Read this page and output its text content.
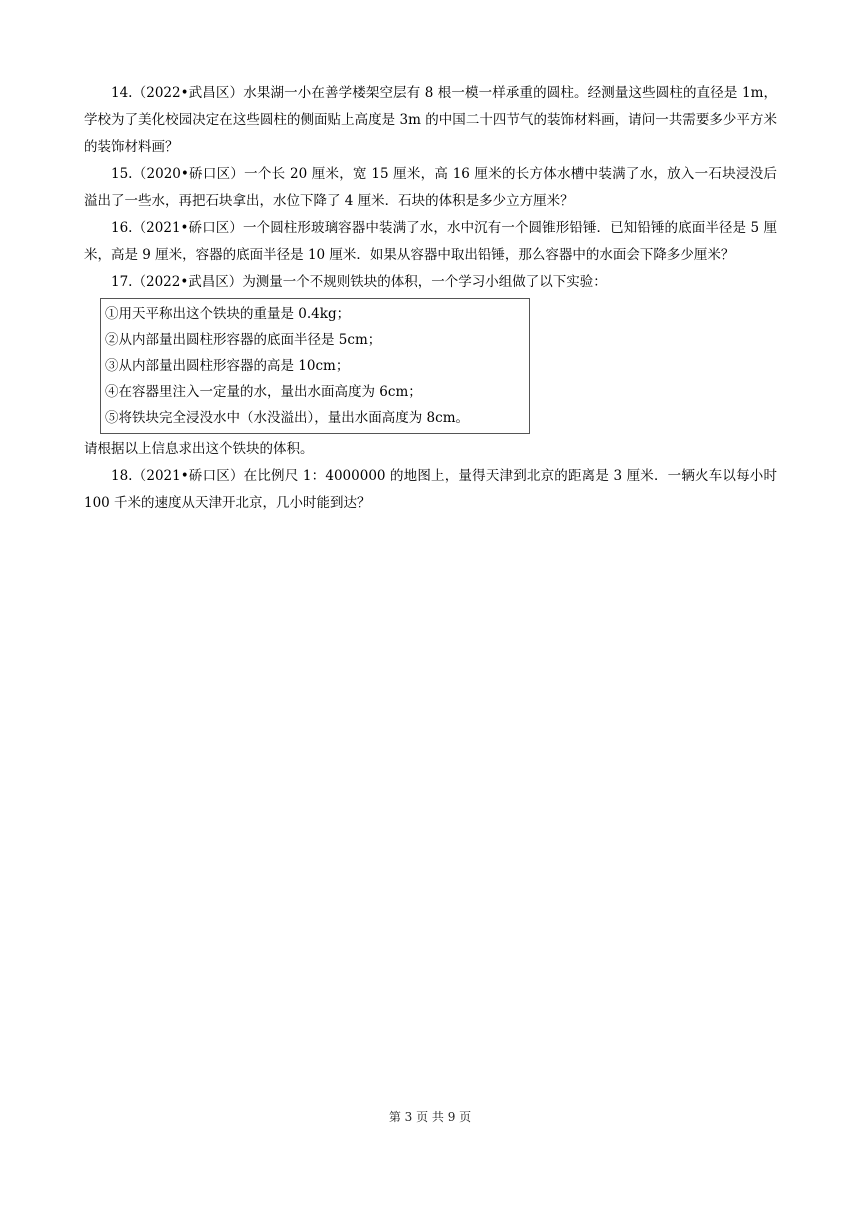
14.（2022•武昌区）水果湖一小在善学楼架空层有 8 根一模一样承重的圆柱。经测量这些圆柱的直径是 1m，学校为了美化校园决定在这些圆柱的侧面贴上高度是 3m 的中国二十四节气的装饰材料画，请问一共需要多少平方米的装饰材料画？

15.（2020•硚口区）一个长 20 厘米，宽 15 厘米，高 16 厘米的长方体水槽中装满了水，放入一石块浸没后溢出了一些水，再把石块拿出，水位下降了 4 厘米．石块的体积是多少立方厘米？

16.（2021•硚口区）一个圆柱形玻璃容器中装满了水，水中沉有一个圆锥形铅锤．已知铅锤的底面半径是 5 厘米，高是 9 厘米，容器的底面半径是 10 厘米．如果从容器中取出铅锤，那么容器中的水面会下降多少厘米？

17.（2022•武昌区）为测量一个不规则铁块的体积，一个学习小组做了以下实验：

①用天平称出这个铁块的重量是 0.4kg；

②从内部量出圆柱形容器的底面半径是 5cm；

③从内部量出圆柱形容器的高是 10cm；

④在容器里注入一定量的水，量出水面高度为 6cm；

⑤将铁块完全浸没水中（水没溢出），量出水面高度为 8cm。

请根据以上信息求出这个铁块的体积。

18.（2021•硚口区）在比例尺 1：4000000 的地图上，量得天津到北京的距离是 3 厘米．一辆火车以每小时 100 千米的速度从天津开北京，几小时能到达？

第 3 页 共 9 页
